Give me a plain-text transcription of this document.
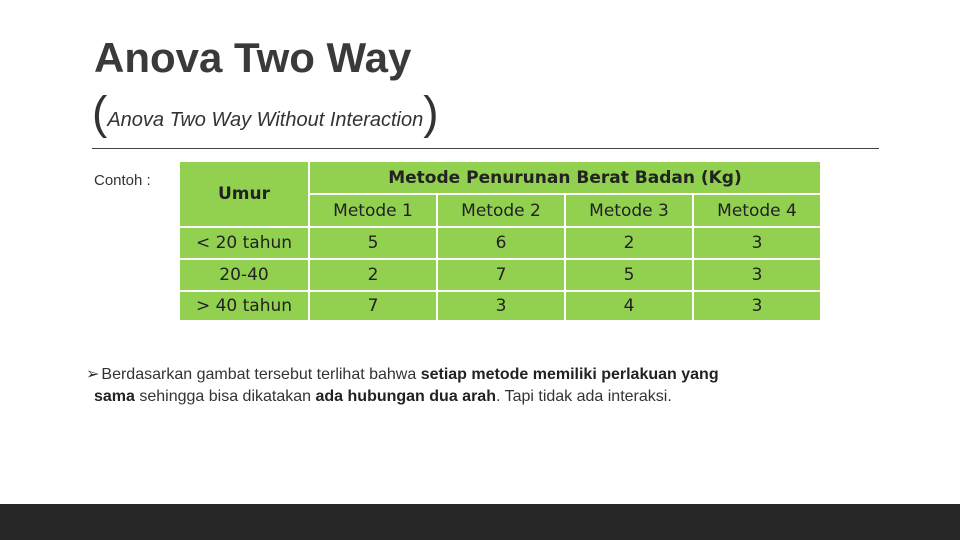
Anova Two Way
(Anova Two Way Without Interaction)
Contoh :
Umur
Metode Penurunan Berat Badan (Kg)
Metode 1	Metode 2	Metode 3	Metode 4
< 20 tahun	5	6	2	3
20-40	2	7	5	3
> 40 tahun	7	3	4	3
➢ Berdasarkan gambat tersebut terlihat bahwa setiap metode memiliki perlakuan yang
sama sehingga bisa dikatakan ada hubungan dua arah. Tapi tidak ada interaksi.
